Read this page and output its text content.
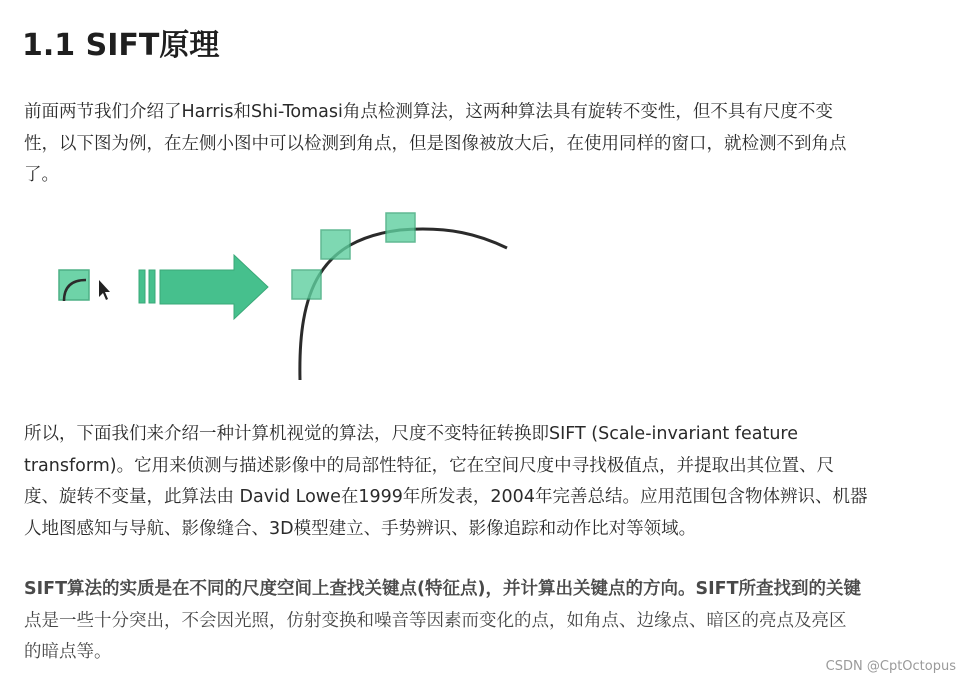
1.1 SIFT原理
前面两节我们介绍了Harris和Shi-Tomasi角点检测算法，这两种算法具有旋转不变性，但不具有尺度不变
性，以下图为例，在左侧小图中可以检测到角点，但是图像被放大后，在使用同样的窗口，就检测不到角点
了。
所以，下面我们来介绍一种计算机视觉的算法，尺度不变特征转换即SIFT (Scale-invariant feature
transform)。它用来侦测与描述影像中的局部性特征，它在空间尺度中寻找极值点，并提取出其位置、尺
度、旋转不变量，此算法由 David Lowe在1999年所发表，2004年完善总结。应用范围包含物体辨识、机器
人地图感知与导航、影像缝合、3D模型建立、手势辨识、影像追踪和动作比对等领域。
SIFT算法的实质是在不同的尺度空间上查找关键点(特征点)，并计算出关键点的方向。SIFT所查找到的关键
点是一些十分突出，不会因光照，仿射变换和噪音等因素而变化的点，如角点、边缘点、暗区的亮点及亮区
的暗点等。
CSDN @CptOctopus
